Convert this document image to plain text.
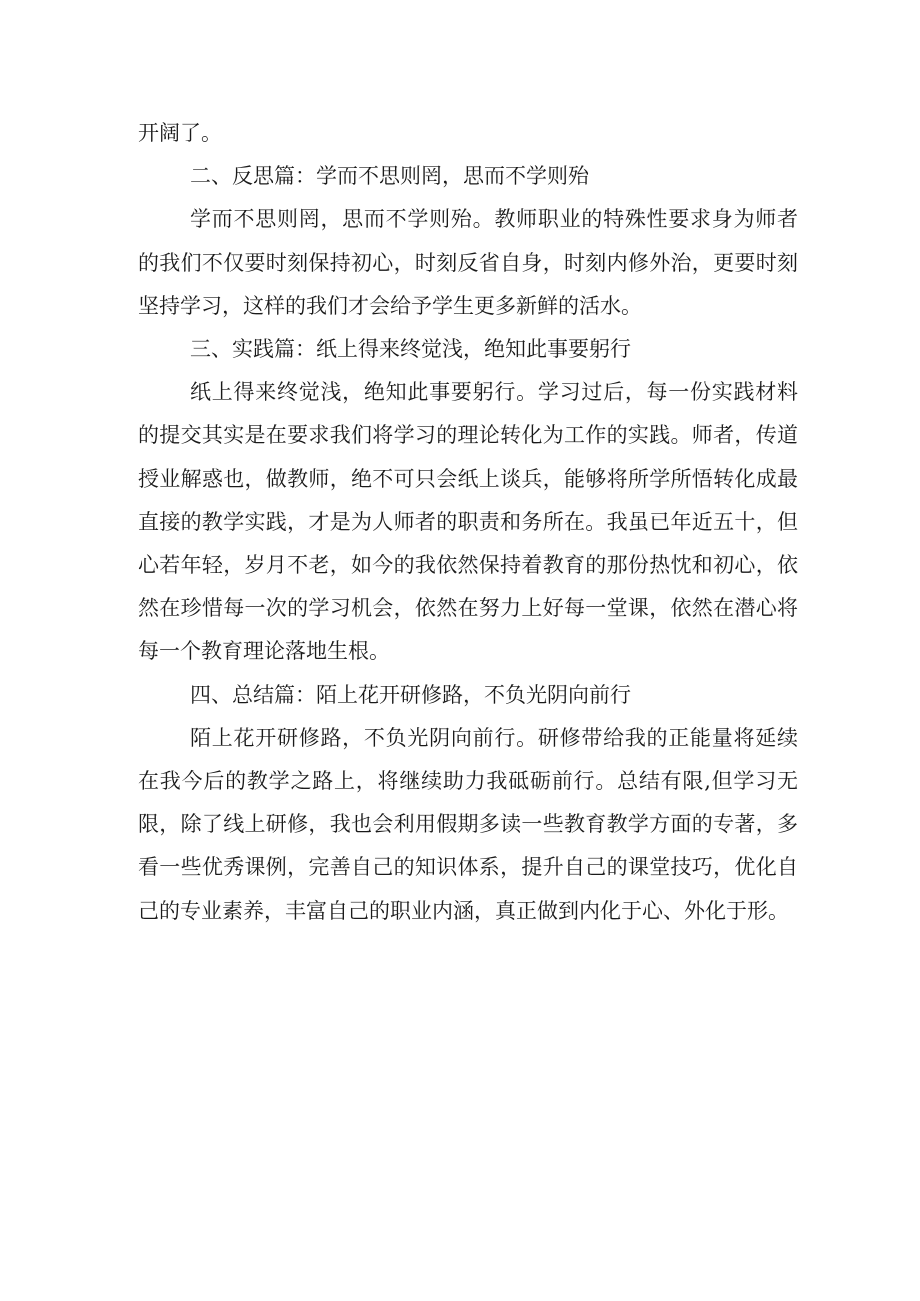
开阔了。

二、反思篇：学而不思则罔，思而不学则殆

学而不思则罔，思而不学则殆。教师职业的特殊性要求身为师者的我们不仅要时刻保持初心，时刻反省自身，时刻内修外治，更要时刻坚持学习，这样的我们才会给予学生更多新鲜的活水。

三、实践篇：纸上得来终觉浅，绝知此事要躬行

纸上得来终觉浅，绝知此事要躬行。学习过后，每一份实践材料的提交其实是在要求我们将学习的理论转化为工作的实践。师者，传道授业解惑也，做教师，绝不可只会纸上谈兵，能够将所学所悟转化成最直接的教学实践，才是为人师者的职责和务所在。我虽已年近五十，但心若年轻，岁月不老，如今的我依然保持着教育的那份热忱和初心，依然在珍惜每一次的学习机会，依然在努力上好每一堂课，依然在潜心将每一个教育理论落地生根。

四、总结篇：陌上花开研修路，不负光阴向前行

陌上花开研修路，不负光阴向前行。研修带给我的正能量将延续在我今后的教学之路上，将继续助力我砥砺前行。总结有限,但学习无限，除了线上研修，我也会利用假期多读一些教育教学方面的专著，多看一些优秀课例，完善自己的知识体系，提升自己的课堂技巧，优化自己的专业素养，丰富自己的职业内涵，真正做到内化于心、外化于形。
